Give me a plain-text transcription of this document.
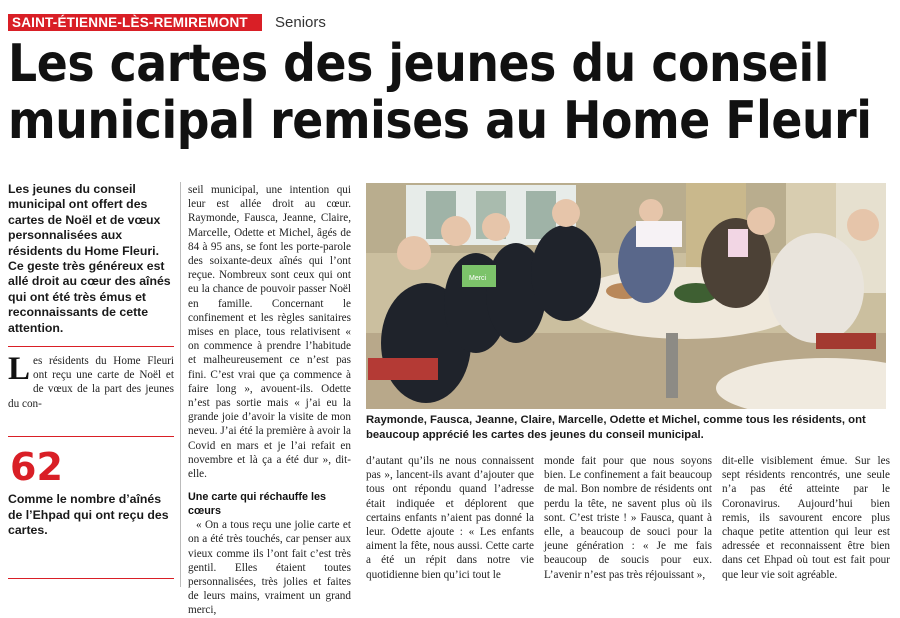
SAINT-ÉTIENNE-LÈS-REMIREMONT	Seniors
Les cartes des jeunes du conseil
municipal remises au Home Fleuri

Les jeunes du conseil municipal ont offert des cartes de Noël et de vœux personnalisées aux résidents du Home Fleuri. Ce geste très généreux est allé droit au cœur des aînés qui ont été très émus et reconnaissants de cette attention.

L es résidents du Home Fleuri ont reçu une carte de Noël et de vœux de la part des jeunes du con-

62

Comme le nombre d’aînés de l’Ehpad qui ont reçu des cartes.

seil municipal, une intention qui leur est allée droit au cœur. Raymonde, Fausca, Jeanne, Claire, Marcelle, Odette et Michel, âgés de 84 à 95 ans, se font les porte-parole des soixante-deux aînés qui l’ont reçue. Nombreux sont ceux qui ont eu la chance de pouvoir passer Noël en famille. Concernant le confinement et les règles sanitaires mises en place, tous relativisent « on commence à prendre l’habitude et malheureusement ce n’est pas fini. C’est vrai que ça commence à faire long », avouent-ils. Odette n’est pas sortie mais « j’ai eu la grande joie d’avoir la visite de mon neveu. J’ai été la première à avoir la Covid en mars et je l’ai refait en novembre et là ça a été dur », dit-elle.

Une carte qui réchauffe les cœurs

« On a tous reçu une jolie carte et on a été très touchés, car penser aux vieux comme ils l’ont fait c’est très gentil. Elles étaient toutes personnalisées, très jolies et faites de leurs mains, vraiment un grand merci,

Merci

Raymonde, Fausca, Jeanne, Claire, Marcelle, Odette et Michel, comme tous les résidents, ont beaucoup apprécié les cartes des jeunes du conseil municipal.

d’autant qu’ils ne nous connaissent pas », lancent-ils avant d’ajouter que tous ont répondu quand l’adresse était indiquée et déplorent que certains enfants n’aient pas donné la leur. Odette ajoute : « Les enfants aiment la fête, nous aussi. Cette carte a été un répit dans notre vie quotidienne bien qu’ici tout le

monde fait pour que nous soyons bien. Le confinement a fait beaucoup de mal. Bon nombre de résidents ont perdu la tête, ne savent plus où ils sont. C’est triste ! » Fausca, quant à elle, a beaucoup de souci pour la jeune génération : « Je me fais beaucoup de soucis pour eux. L’avenir n’est pas très réjouissant »,

dit-elle visiblement émue. Sur les sept résidents rencontrés, une seule n’a pas été atteinte par le Coronavirus. Aujourd’hui bien remis, ils savourent encore plus chaque petite attention qui leur est adressée et reconnaissent être bien dans cet Ehpad où tout est fait pour que leur vie soit agréable.
